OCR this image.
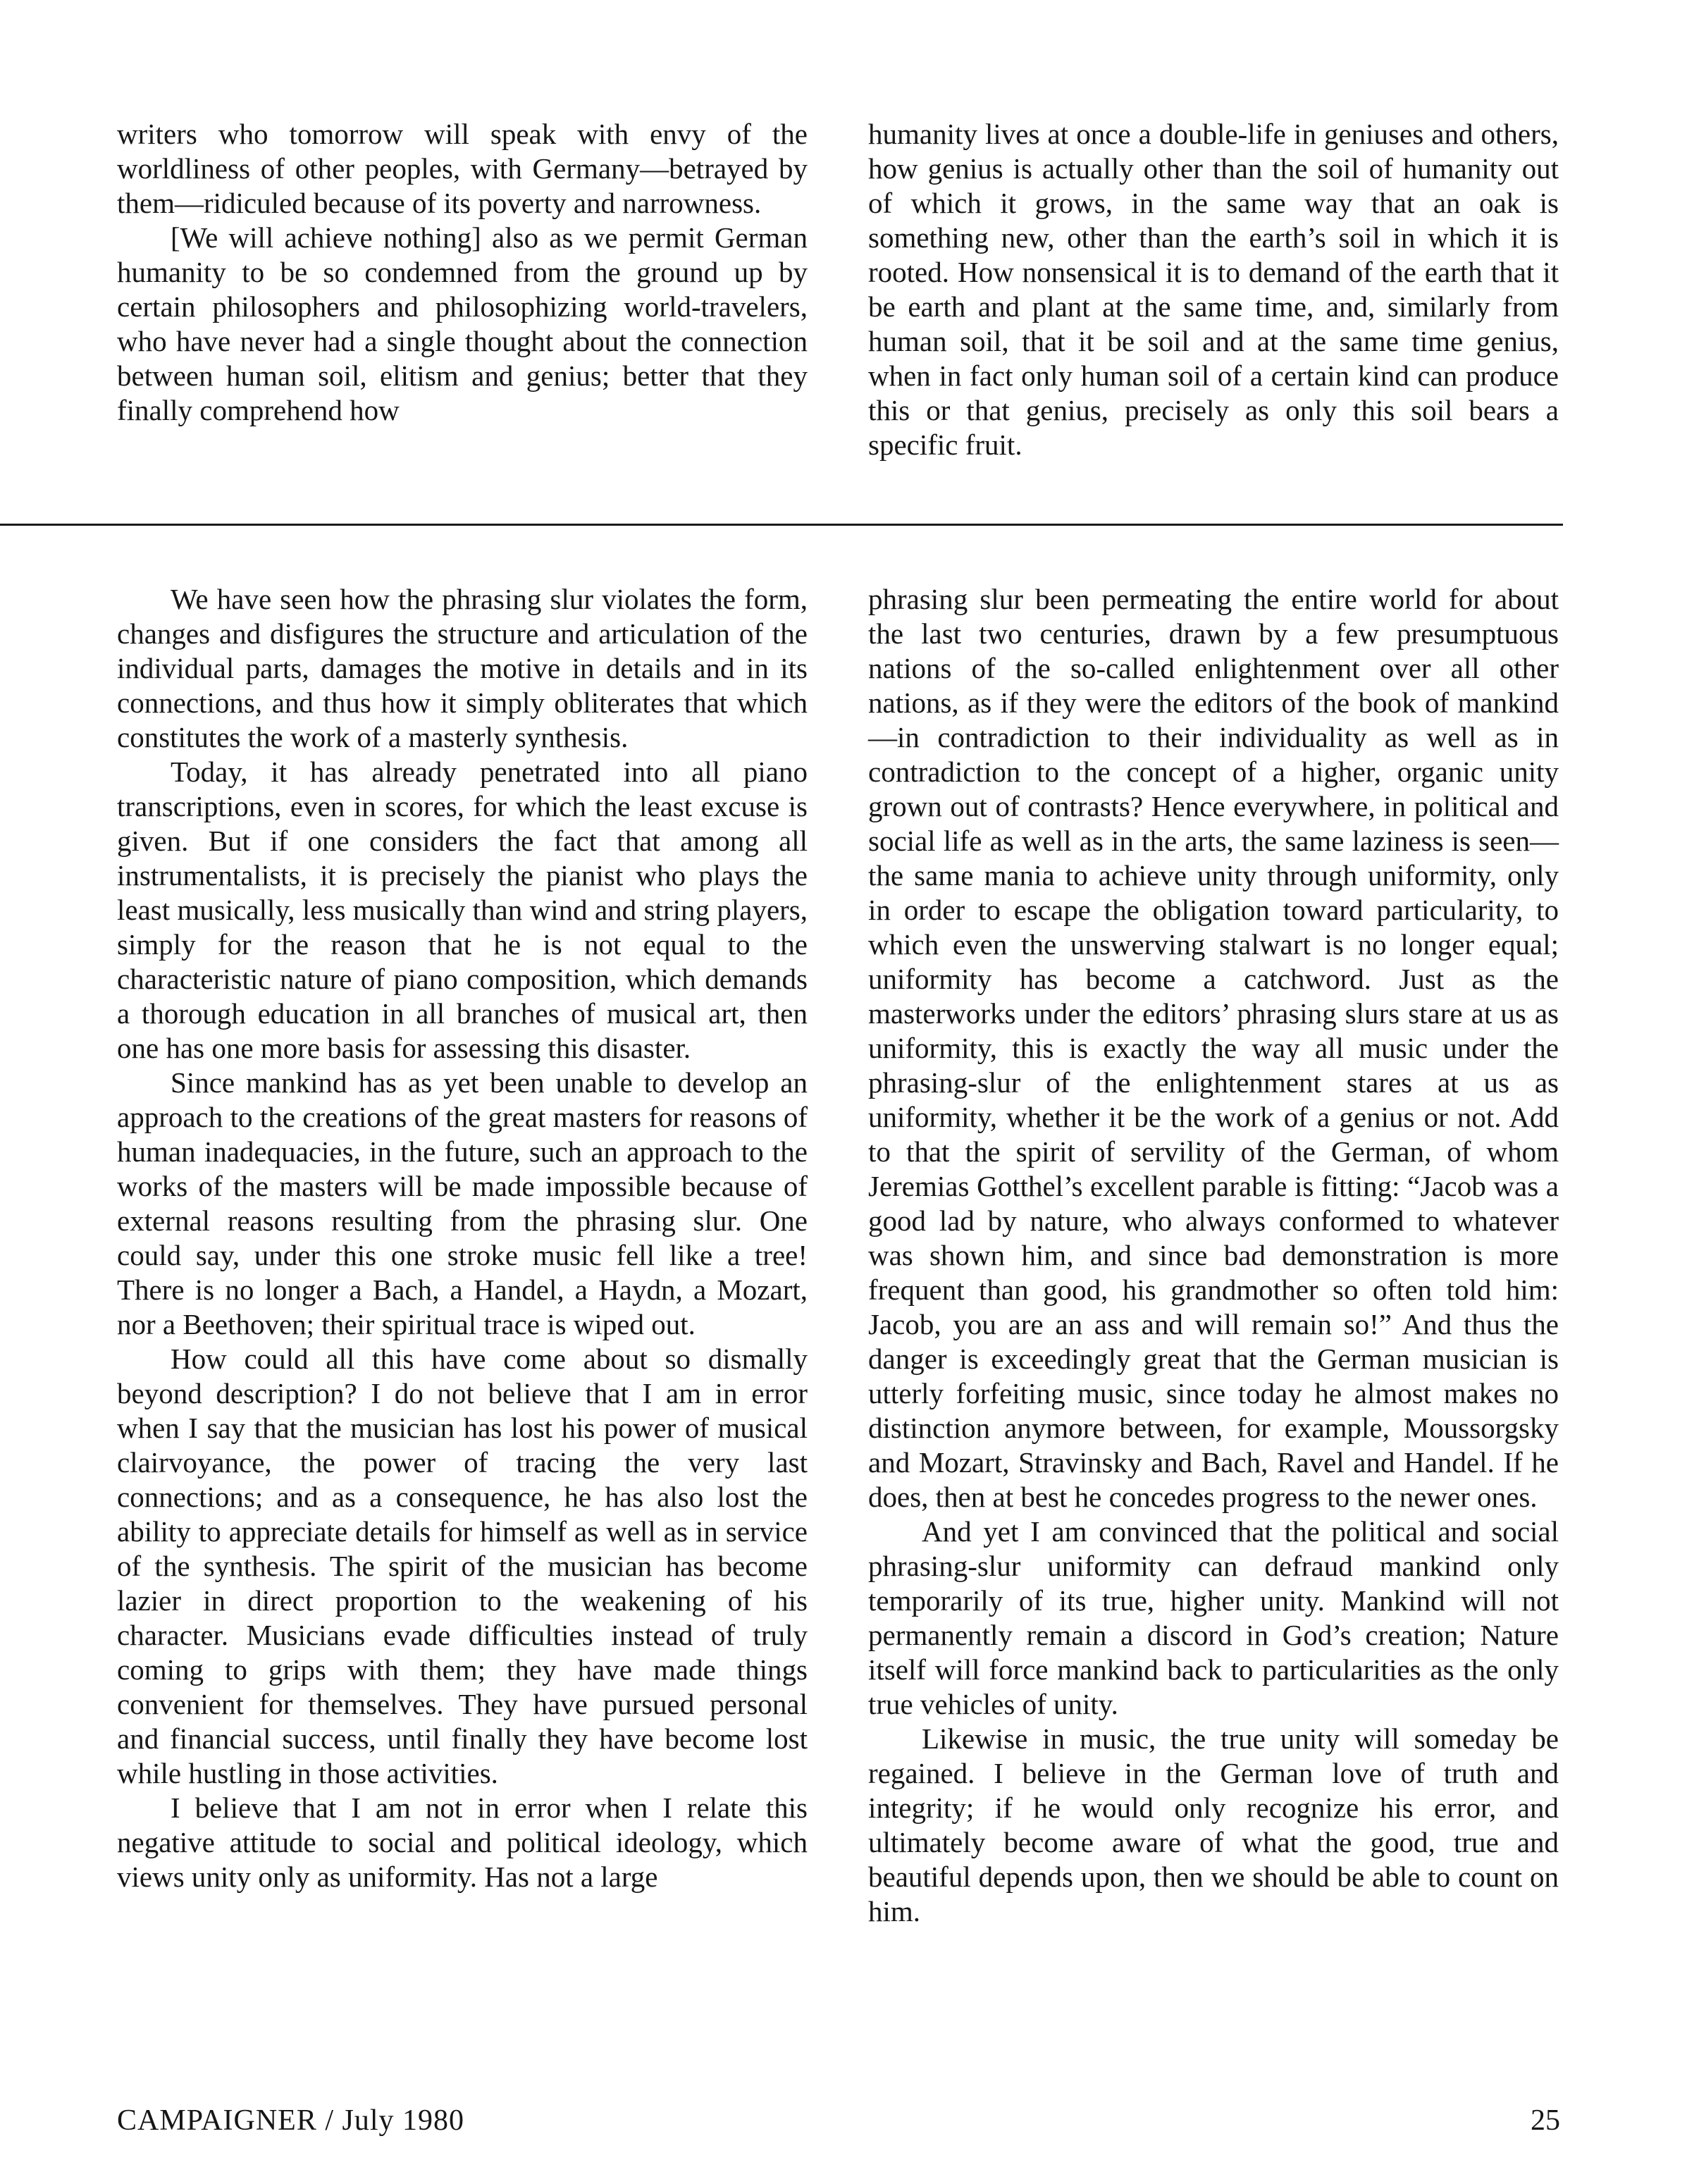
writers who tomorrow will speak with envy of the worldliness of other peoples, with Germany—betrayed by them—ridiculed because of its poverty and narrowness.

[We will achieve nothing] also as we permit German humanity to be so condemned from the ground up by certain philosophers and philosophizing world-travelers, who have never had a single thought about the connection between human soil, elitism and genius; better that they finally comprehend how

humanity lives at once a double-life in geniuses and others, how genius is actually other than the soil of humanity out of which it grows, in the same way that an oak is something new, other than the earth’s soil in which it is rooted. How nonsensical it is to demand of the earth that it be earth and plant at the same time, and, similarly from human soil, that it be soil and at the same time genius, when in fact only human soil of a certain kind can produce this or that genius, precisely as only this soil bears a specific fruit.

We have seen how the phrasing slur violates the form, changes and disfigures the structure and articulation of the individual parts, damages the motive in details and in its connections, and thus how it simply obliterates that which constitutes the work of a masterly synthesis.

Today, it has already penetrated into all piano transcriptions, even in scores, for which the least excuse is given. But if one considers the fact that among all instrumentalists, it is precisely the pianist who plays the least musically, less musically than wind and string players, simply for the reason that he is not equal to the characteristic nature of piano composition, which demands a thorough education in all branches of musical art, then one has one more basis for assessing this disaster.

Since mankind has as yet been unable to develop an approach to the creations of the great masters for reasons of human inadequacies, in the future, such an approach to the works of the masters will be made impossible because of external reasons resulting from the phrasing slur. One could say, under this one stroke music fell like a tree! There is no longer a Bach, a Handel, a Haydn, a Mozart, nor a Beethoven; their spiritual trace is wiped out.

How could all this have come about so dismally beyond description? I do not believe that I am in error when I say that the musician has lost his power of musical clairvoyance, the power of tracing the very last connections; and as a consequence, he has also lost the ability to appreciate details for himself as well as in service of the synthesis. The spirit of the musician has become lazier in direct proportion to the weakening of his character. Musicians evade difficulties instead of truly coming to grips with them; they have made things convenient for themselves. They have pursued personal and financial success, until finally they have become lost while hustling in those activities.

I believe that I am not in error when I relate this negative attitude to social and political ideology, which views unity only as uniformity. Has not a large

phrasing slur been permeating the entire world for about the last two centuries, drawn by a few presumptuous nations of the so-called enlightenment over all other nations, as if they were the editors of the book of mankind—in contradiction to their individuality as well as in contradiction to the concept of a higher, organic unity grown out of contrasts? Hence everywhere, in political and social life as well as in the arts, the same laziness is seen—the same mania to achieve unity through uniformity, only in order to escape the obligation toward particularity, to which even the unswerving stalwart is no longer equal; uniformity has become a catchword. Just as the masterworks under the editors’ phrasing slurs stare at us as uniformity, this is exactly the way all music under the phrasing-slur of the enlightenment stares at us as uniformity, whether it be the work of a genius or not. Add to that the spirit of servility of the German, of whom Jeremias Gotthel’s excellent parable is fitting: “Jacob was a good lad by nature, who always conformed to whatever was shown him, and since bad demonstration is more frequent than good, his grandmother so often told him: Jacob, you are an ass and will remain so!” And thus the danger is exceedingly great that the German musician is utterly forfeiting music, since today he almost makes no distinction anymore between, for example, Moussorgsky and Mozart, Stravinsky and Bach, Ravel and Handel. If he does, then at best he concedes progress to the newer ones.

And yet I am convinced that the political and social phrasing-slur uniformity can defraud mankind only temporarily of its true, higher unity. Mankind will not permanently remain a discord in God’s creation; Nature itself will force mankind back to particularities as the only true vehicles of unity.

Likewise in music, the true unity will someday be regained. I believe in the German love of truth and integrity; if he would only recognize his error, and ultimately become aware of what the good, true and beautiful depends upon, then we should be able to count on him.

CAMPAIGNER / July 1980	25
